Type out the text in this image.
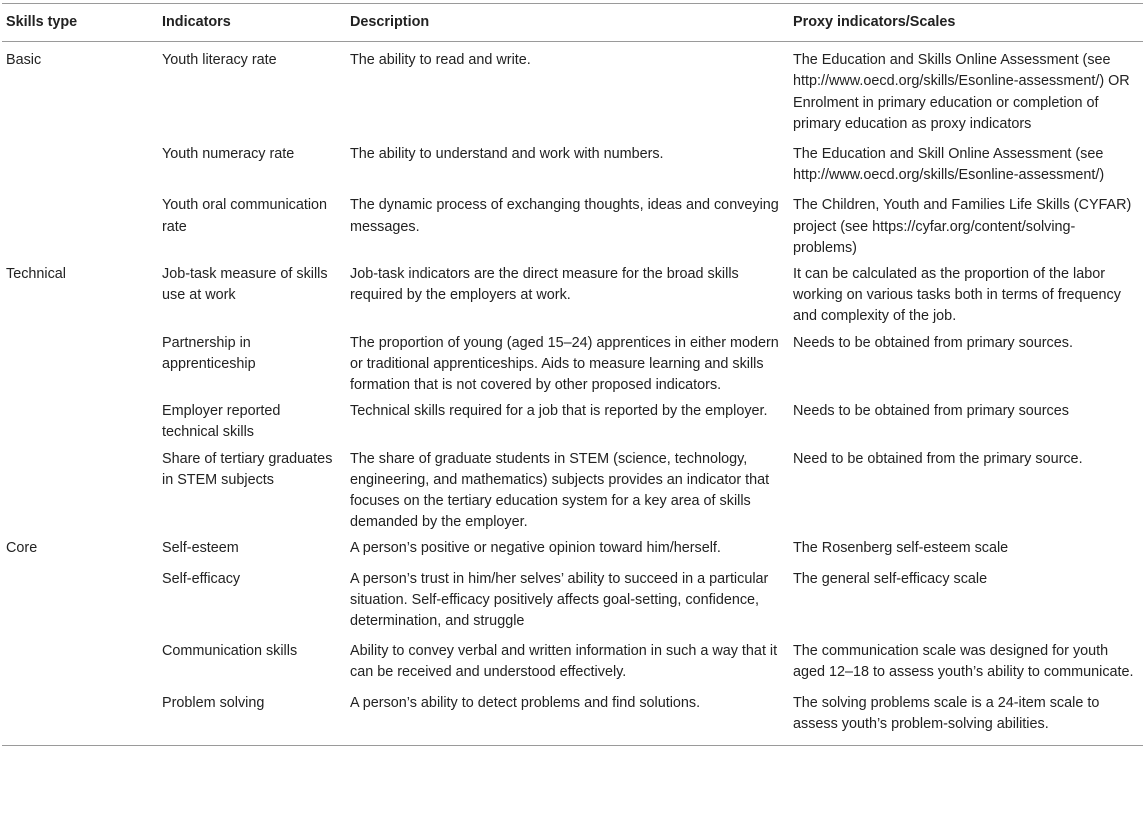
Skills type	Indicators	Description	Proxy indicators/Scales
Basic	Youth literacy rate	The ability to read and write.	The Education and Skills Online Assessment (see http://www.oecd.org/skills/Esonline-assessment/) OR Enrolment in primary education or completion of primary education as proxy indicators
	Youth numeracy rate	The ability to understand and work with numbers.	The Education and Skill Online Assessment (see http://www.oecd.org/skills/Esonline-assessment/)
	Youth oral communication rate	The dynamic process of exchanging thoughts, ideas and conveying messages.	The Children, Youth and Families Life Skills (CYFAR) project (see https://cyfar.org/content/solving-problems)
Technical	Job-task measure of skills use at work	Job-task indicators are the direct measure for the broad skills required by the employers at work.	It can be calculated as the proportion of the labor working on various tasks both in terms of frequency and complexity of the job.
	Partnership in apprenticeship	The proportion of young (aged 15–24) apprentices in either modern or traditional apprenticeships. Aids to measure learning and skills formation that is not covered by other proposed indicators.	Needs to be obtained from primary sources.
	Employer reported technical skills	Technical skills required for a job that is reported by the employer.	Needs to be obtained from primary sources
	Share of tertiary graduates in STEM subjects	The share of graduate students in STEM (science, technology, engineering, and mathematics) subjects provides an indicator that focuses on the tertiary education system for a key area of skills demanded by the employer.	Need to be obtained from the primary source.
Core	Self-esteem	A person’s positive or negative opinion toward him/herself.	The Rosenberg self-esteem scale
	Self-efficacy	A person’s trust in him/her selves’ ability to succeed in a particular situation. Self-efficacy positively affects goal-setting, confidence, determination, and struggle	The general self-efficacy scale
	Communication skills	Ability to convey verbal and written information in such a way that it can be received and understood effectively.	The communication scale was designed for youth aged 12–18 to assess youth’s ability to communicate.
	Problem solving	A person’s ability to detect problems and find solutions.	The solving problems scale is a 24-item scale to assess youth’s problem-solving abilities.
